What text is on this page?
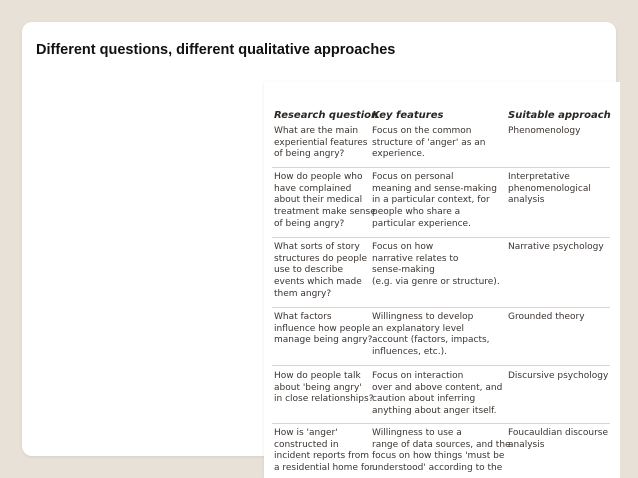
Different questions, different qualitative approaches
Research question
Key features	Suitable approach
What are the main
experiential features
of being angry?
Focus on the common
structure of 'anger' as an
experience.
Phenomenology
How do people who
have complained
about their medical
treatment make sense
of being angry?
Focus on personal
meaning and sense-making
in a particular context, for
people who share a
particular experience.
Interpretative
phenomenological
analysis
What sorts of story
structures do people
use to describe
events which made
them angry?
Focus on how
narrative relates to
sense-making
(e.g. via genre or structure).
Narrative psychology
What factors
influence how people
manage being angry?
Willingness to develop
an explanatory level
account (factors, impacts,
influences, etc.).
Grounded theory
How do people talk
about 'being angry'
in close relationships?
Focus on interaction
over and above content, and
caution about inferring
anything about anger itself.
Discursive psychology
How is 'anger'
constructed in
incident reports from
a residential home for
Willingness to use a
range of data sources, and the
focus on how things 'must be
understood' according to the
Foucauldian discourse
analysis
